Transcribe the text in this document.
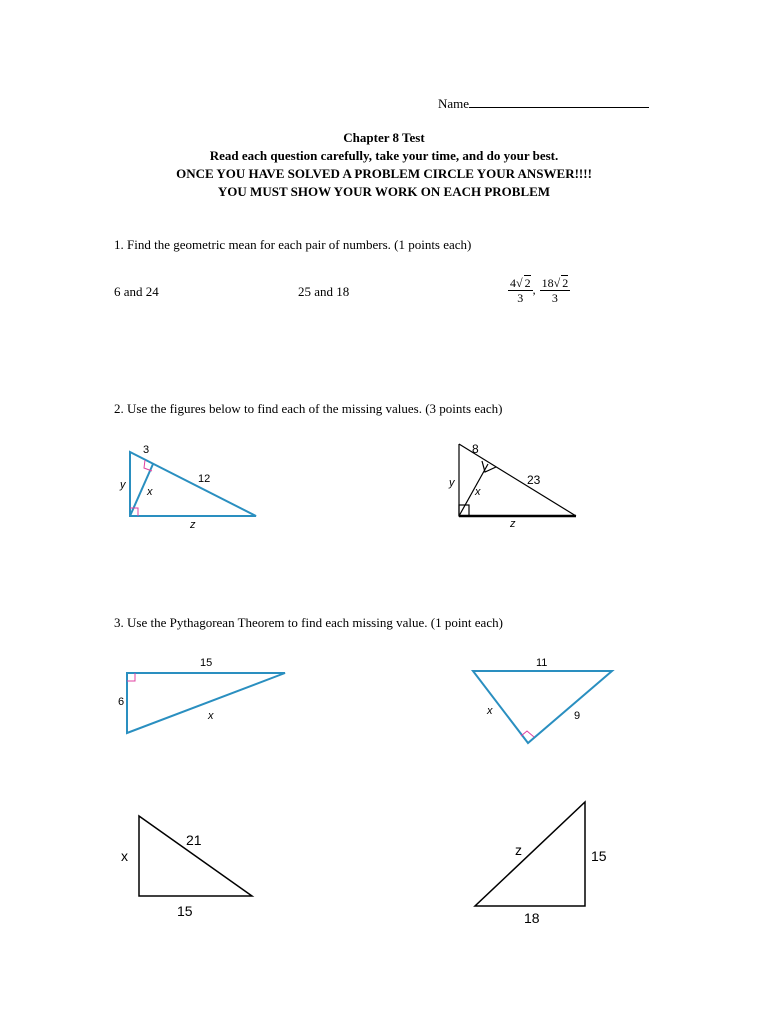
Name
Chapter 8 Test
Read each question carefully, take your time, and do your best.
ONCE YOU HAVE SOLVED A PROBLEM CIRCLE YOUR ANSWER!!!!
YOU MUST SHOW YOUR WORK ON EACH PROBLEM
1. Find the geometric mean for each pair of numbers. (1 points each)
6 and 24	25 and 18	$\frac{4√ 2}{3}$ , $\frac{18√ 2}{3}$
2. Use the figures below to find each of the missing values. (3 points each)
3
12
y
x
z
8
23
y
x
z
3. Use the Pythagorean Theorem to find each missing value. (1 point each)
15
6
x
11
x	9
x
21
15
z	15
18
